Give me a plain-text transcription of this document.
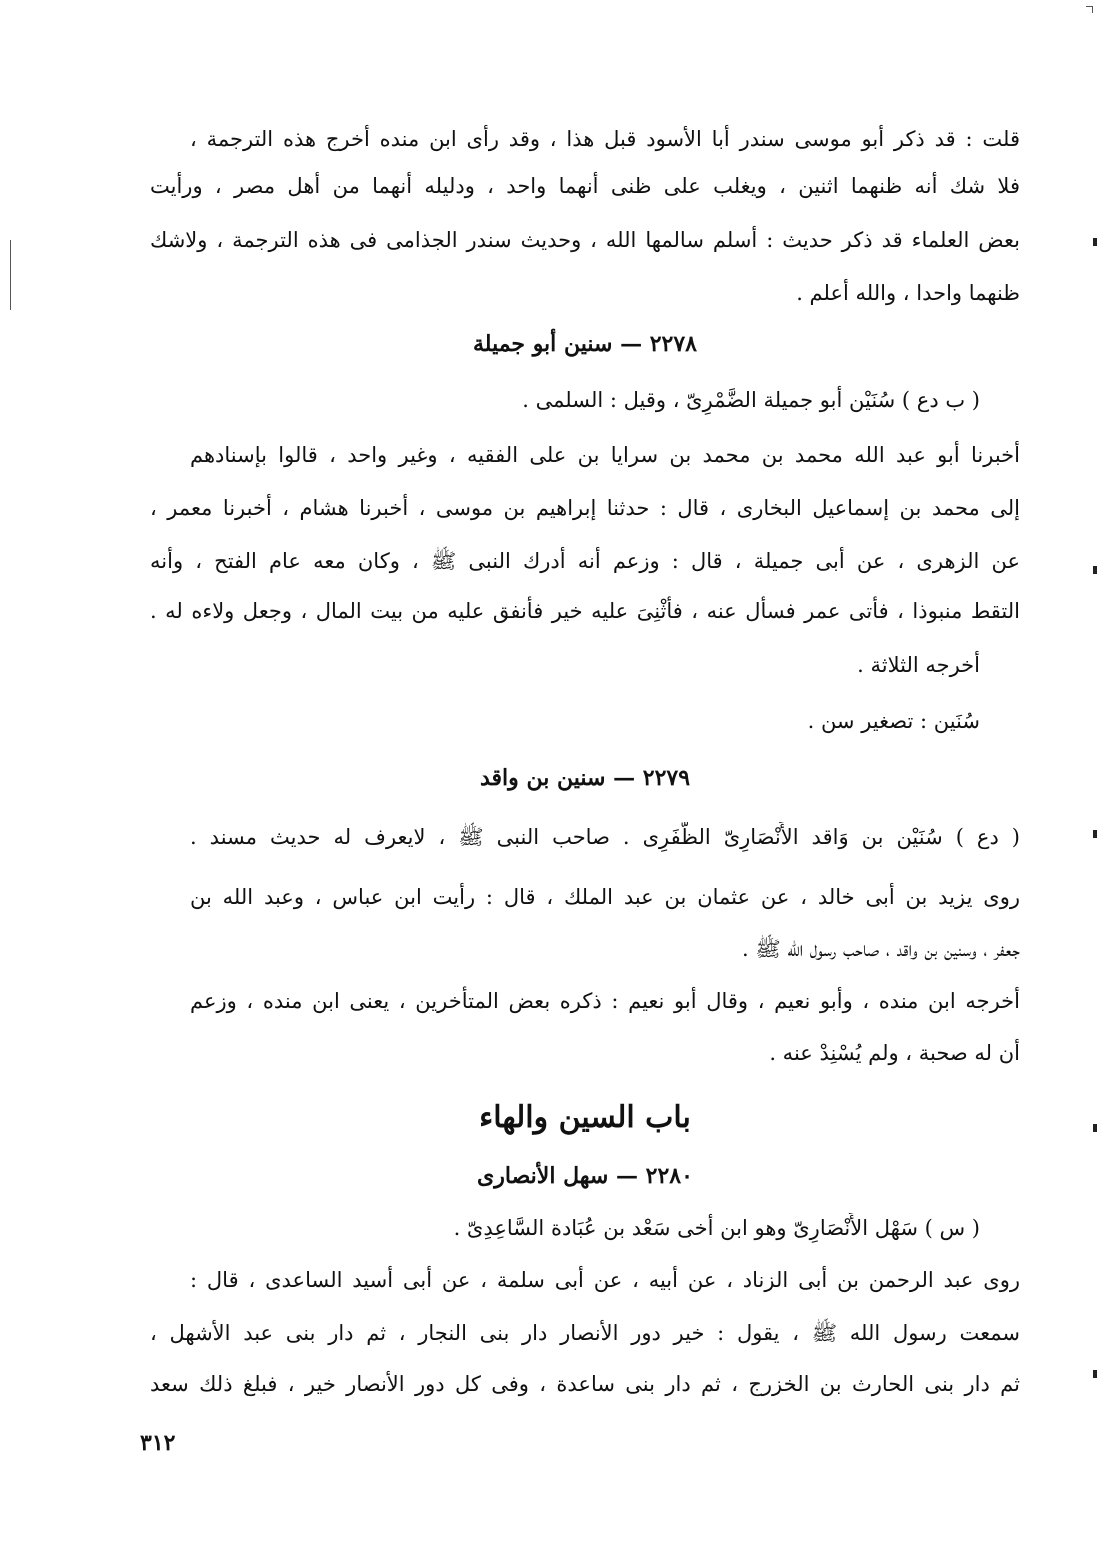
قلت : قد ذكر أبو موسى سندر أبا الأسود قبل هذا ، وقد رأى ابن منده أخرج هذه الترجمة ،
فلا شك أنه ظنهما اثنين ، ويغلب على ظنى أنهما واحد ، ودليله أنهما من أهل مصر ، ورأيت
بعض العلماء قد ذكر حديث : أسلم سالمها الله ، وحديث سندر الجذامى فى هذه الترجمة ، ولاشك
ظنهما واحدا ، والله أعلم .
٢٢٧٨ — سنين أبو جميلة
( ب دع ) سُنَيْن أبو جميلة الضَّمْرِىّ ، وقيل : السلمى .
أخبرنا أبو عبد الله محمد بن محمد بن سرايا بن على الفقيه ، وغير واحد ، قالوا بإسنادهم
إلى محمد بن إسماعيل البخارى ، قال : حدثنا إبراهيم بن موسى ، أخبرنا هشام ، أخبرنا معمر ،
عن الزهرى ، عن أبى جميلة ، قال : وزعم أنه أدرك النبى ﷺ ، وكان معه عام الفتح ، وأنه
التقط منبوذا ، فأتى عمر فسأل عنه ، فأُثْنِىَ عليه خير فأنفق عليه من بيت المال ، وجعل ولاءه له .
أخرجه الثلاثة .
سُنَين : تصغير سن .
٢٢٧٩ — سنين بن واقد
( دع ) سُنَيْن بن وَاقد الأَنْصَارِىّ الظَّفَرِى . صاحب النبى ﷺ ، لايعرف له حديث مسند .
روى يزيد بن أبى خالد ، عن عثمان بن عبد الملك ، قال : رأيت ابن عباس ، وعبد الله بن
جعفر ، وسنين بن واقد ، صاحب رسول الله ﷺ .
أخرجه ابن منده ، وأبو نعيم ، وقال أبو نعيم : ذكره بعض المتأخرين ، يعنى ابن منده ، وزعم
أن له صحبة ، ولم يُسْنِدْ عنه .
باب السين والهاء
٢٢٨٠ — سهل الأنصارى
( س ) سَهْل الأَنْصَارِىّ وهو ابن أخى سَعْد بن عُبَادة السَّاعِدِىّ .
روى عبد الرحمن بن أبى الزناد ، عن أبيه ، عن أبى سلمة ، عن أبى أسيد الساعدى ، قال :
سمعت رسول الله ﷺ ، يقول : خير دور الأنصار دار بنى النجار ، ثم دار بنى عبد الأشهل ،
ثم دار بنى الحارث بن الخزرج ، ثم دار بنى ساعدة ، وفى كل دور الأنصار خير ، فبلغ ذلك سعد
٣١٢
